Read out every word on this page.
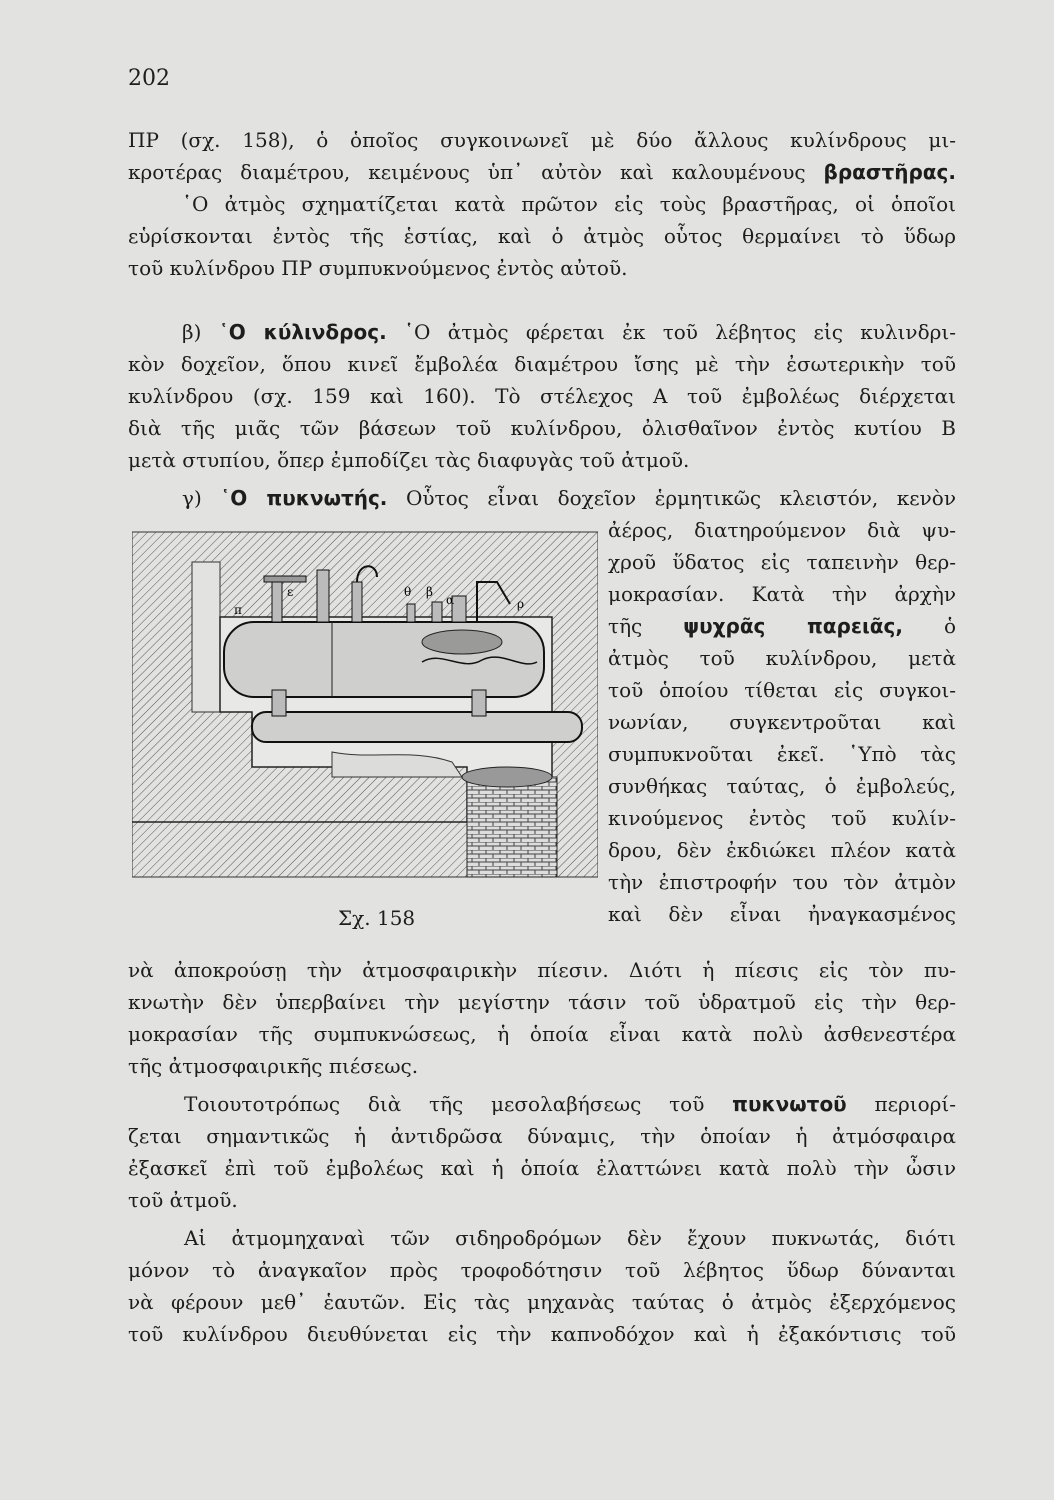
202
ΠΡ (σχ. 158), ὁ ὁποῖος συγκοινωνεῖ μὲ δύο ἄλλους κυλίνδρους μι-
κροτέρας διαμέτρου, κειμένους ὑπ᾽ αὐτὸν καὶ καλουμένους βραστῆρας.
῾Ο ἀτμὸς σχηματίζεται κατὰ πρῶτον εἰς τοὺς βραστῆρας, οἱ ὁποῖοι
εὑρίσκονται ἐντὸς τῆς ἑστίας, καὶ ὁ ἀτμὸς οὗτος θερμαίνει τὸ ὕδωρ
τοῦ κυλίνδρου ΠΡ συμπυκνούμενος ἐντὸς αὐτοῦ.
β) ῾Ο κύλινδρος. ῾Ο ἀτμὸς φέρεται ἐκ τοῦ λέβητος εἰς κυλινδρι-
κὸν δοχεῖον, ὅπου κινεῖ ἔμβολέα διαμέτρου ἴσης μὲ τὴν ἐσωτερικὴν τοῦ
κυλίνδρου (σχ. 159 καὶ 160). Τὸ στέλεχος Α τοῦ ἐμβολέως διέρχεται
διὰ τῆς μιᾶς τῶν βάσεων τοῦ κυλίνδρου, ὀλισθαῖνον ἐντὸς κυτίου Β
μετὰ στυπίου, ὅπερ ἐμποδίζει τὰς διαφυγὰς τοῦ ἀτμοῦ.
γ) ῾Ο πυκνωτής. Οὗτος εἶναι δοχεῖον ἑρμητικῶς κλειστόν, κενὸν
ἀέρος, διατηρούμενον διὰ ψυ-
χροῦ ὕδατος εἰς ταπεινὴν θερ-
μοκρασίαν. Κατὰ τὴν ἀρχὴν
τῆς ψυχρᾶς παρειᾶς, ὁ
ἀτμὸς τοῦ κυλίνδρου, μετὰ
τοῦ ὁποίου τίθεται εἰς συγκοι-
νωνίαν, συγκεντροῦται καὶ
συμπυκνοῦται ἐκεῖ. ῾Υπὸ τὰς
συνθήκας ταύτας, ὁ ἐμβολεύς,
κινούμενος ἐντὸς τοῦ κυλίν-
δρου, δὲν ἐκδιώκει πλέον κατὰ
τὴν ἐπιστροφήν του τὸν ἀτμὸν
καὶ δὲν εἶναι ἠναγκασμένος
π
ε	θ β
α	ρ
Σχ. 158
νὰ ἀποκρούσῃ τὴν ἀτμοσφαιρικὴν πίεσιν. Διότι ἡ πίεσις εἰς τὸν πυ-
κνωτὴν δὲν ὑπερβαίνει τὴν μεγίστην τάσιν τοῦ ὑδρατμοῦ εἰς τὴν θερ-
μοκρασίαν τῆς συμπυκνώσεως, ἡ ὁποία εἶναι κατὰ πολὺ ἀσθενεστέρα
τῆς ἀτμοσφαιρικῆς πιέσεως.
Τοιουτοτρόπως διὰ τῆς μεσολαβήσεως τοῦ πυκνωτοῦ περιορί-
ζεται σημαντικῶς ἡ ἀντιδρῶσα δύναμις, τὴν ὁποίαν ἡ ἀτμόσφαιρα
ἐξασκεῖ ἐπὶ τοῦ ἐμβολέως καὶ ἡ ὁποία ἐλαττώνει κατὰ πολὺ τὴν ὦσιν
τοῦ ἀτμοῦ.
Αἱ ἀτμομηχαναὶ τῶν σιδηροδρόμων δὲν ἔχουν πυκνωτάς, διότι
μόνον τὸ ἀναγκαῖον πρὸς τροφοδότησιν τοῦ λέβητος ὕδωρ δύνανται
νὰ φέρουν μεθ᾽ ἑαυτῶν. Εἰς τὰς μηχανὰς ταύτας ὁ ἀτμὸς ἐξερχόμενος
τοῦ κυλίνδρου διευθύνεται εἰς τὴν καπνοδόχον καὶ ἡ ἐξακόντισις τοῦ
